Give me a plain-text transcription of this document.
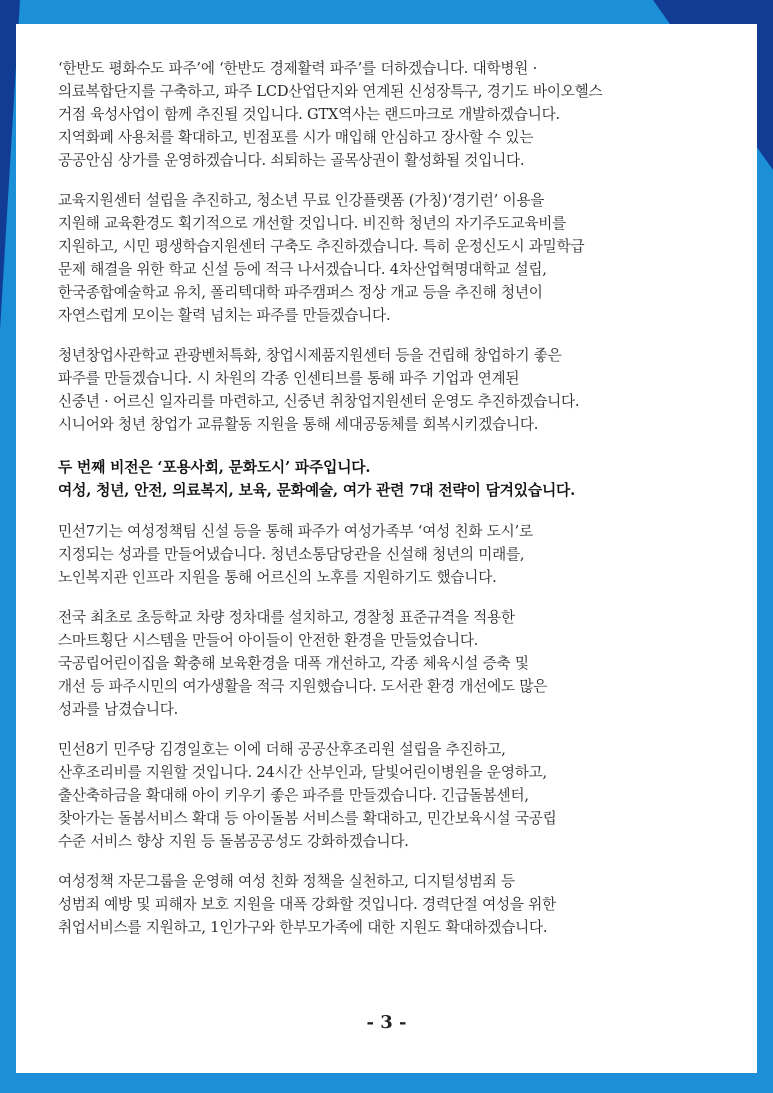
‘한반도 평화수도 파주’에 ‘한반도 경제활력 파주’를 더하겠습니다. 대학병원 ·
의료복합단지를 구축하고, 파주 LCD산업단지와 연계된 신성장특구, 경기도 바이오헬스
거점 육성사업이 함께 추진될 것입니다. GTX역사는 랜드마크로 개발하겠습니다.
지역화폐 사용처를 확대하고, 빈점포를 시가 매입해 안심하고 장사할 수 있는
공공안심 상가를 운영하겠습니다. 쇠퇴하는 골목상권이 활성화될 것입니다.

교육지원센터 설립을 추진하고, 청소년 무료 인강플랫폼 (가칭)‘경기런’ 이용을
지원해 교육환경도 획기적으로 개선할 것입니다. 비진학 청년의 자기주도교육비를
지원하고, 시민 평생학습지원센터 구축도 추진하겠습니다. 특히 운정신도시 과밀학급
문제 해결을 위한 학교 신설 등에 적극 나서겠습니다. 4차산업혁명대학교 설립,
한국종합예술학교 유치, 폴리텍대학 파주캠퍼스 정상 개교 등을 추진해 청년이
자연스럽게 모이는 활력 넘치는 파주를 만들겠습니다.

청년창업사관학교 관광벤처특화, 창업시제품지원센터 등을 건립해 창업하기 좋은
파주를 만들겠습니다. 시 차원의 각종 인센티브를 통해 파주 기업과 연계된
신중년 · 어르신 일자리를 마련하고, 신중년 취창업지원센터 운영도 추진하겠습니다.
시니어와 청년 창업가 교류활동 지원을 통해 세대공동체를 회복시키겠습니다.

두 번째 비전은 ‘포용사회, 문화도시’ 파주입니다.
여성, 청년, 안전, 의료복지, 보육, 문화예술, 여가 관련 7대 전략이 담겨있습니다.

민선7기는 여성정책팀 신설 등을 통해 파주가 여성가족부 ‘여성 친화 도시’로
지정되는 성과를 만들어냈습니다. 청년소통담당관을 신설해 청년의 미래를,
노인복지관 인프라 지원을 통해 어르신의 노후를 지원하기도 했습니다.

전국 최초로 초등학교 차량 정차대를 설치하고, 경찰청 표준규격을 적용한
스마트횡단 시스템을 만들어 아이들이 안전한 환경을 만들었습니다.
국공립어린이집을 확충해 보육환경을 대폭 개선하고, 각종 체육시설 증축 및
개선 등 파주시민의 여가생활을 적극 지원했습니다. 도서관 환경 개선에도 많은
성과를 남겼습니다.

민선8기 민주당 김경일호는 이에 더해 공공산후조리원 설립을 추진하고,
산후조리비를 지원할 것입니다. 24시간 산부인과, 달빛어린이병원을 운영하고,
출산축하금을 확대해 아이 키우기 좋은 파주를 만들겠습니다. 긴급돌봄센터,
찾아가는 돌봄서비스 확대 등 아이돌봄 서비스를 확대하고, 민간보육시설 국공립
수준 서비스 향상 지원 등 돌봄공공성도 강화하겠습니다.

여성정책 자문그룹을 운영해 여성 친화 정책을 실천하고, 디지털성범죄 등
성범죄 예방 및 피해자 보호 지원을 대폭 강화할 것입니다. 경력단절 여성을 위한
취업서비스를 지원하고, 1인가구와 한부모가족에 대한 지원도 확대하겠습니다.

- 3 -
